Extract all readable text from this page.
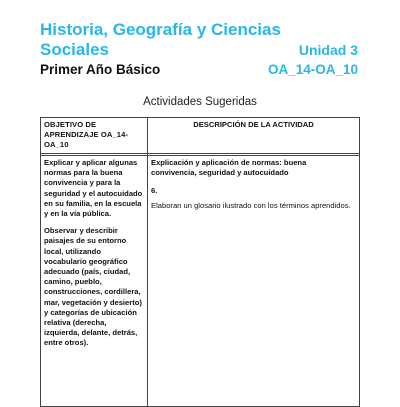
Historia, Geografía y Ciencias
Sociales	Unidad 3
Primer Año Básico	OA_14-OA_10
Actividades Sugeridas
OBJETIVO DE APRENDIZAJE OA_14-OA_10
DESCRIPCIÓN DE LA ACTIVIDAD

Explicar y aplicar algunas normas para la buena convivencia y para la seguridad y el autocuidado en su familia, en la escuela y en la vía pública.

Observar y describir paisajes de su entorno local, utilizando vocabulario geográfico adecuado (país, ciudad, camino, pueblo, construcciones, cordillera, mar, vegetación y desierto) y categorías de ubicación relativa (derecha, izquierda, delante, detrás, entre otros).

Explicación y aplicación de normas: buena convivencia, seguridad y autocuidado

6.

Elaboran un glosario ilustrado con los términos aprendidos.
